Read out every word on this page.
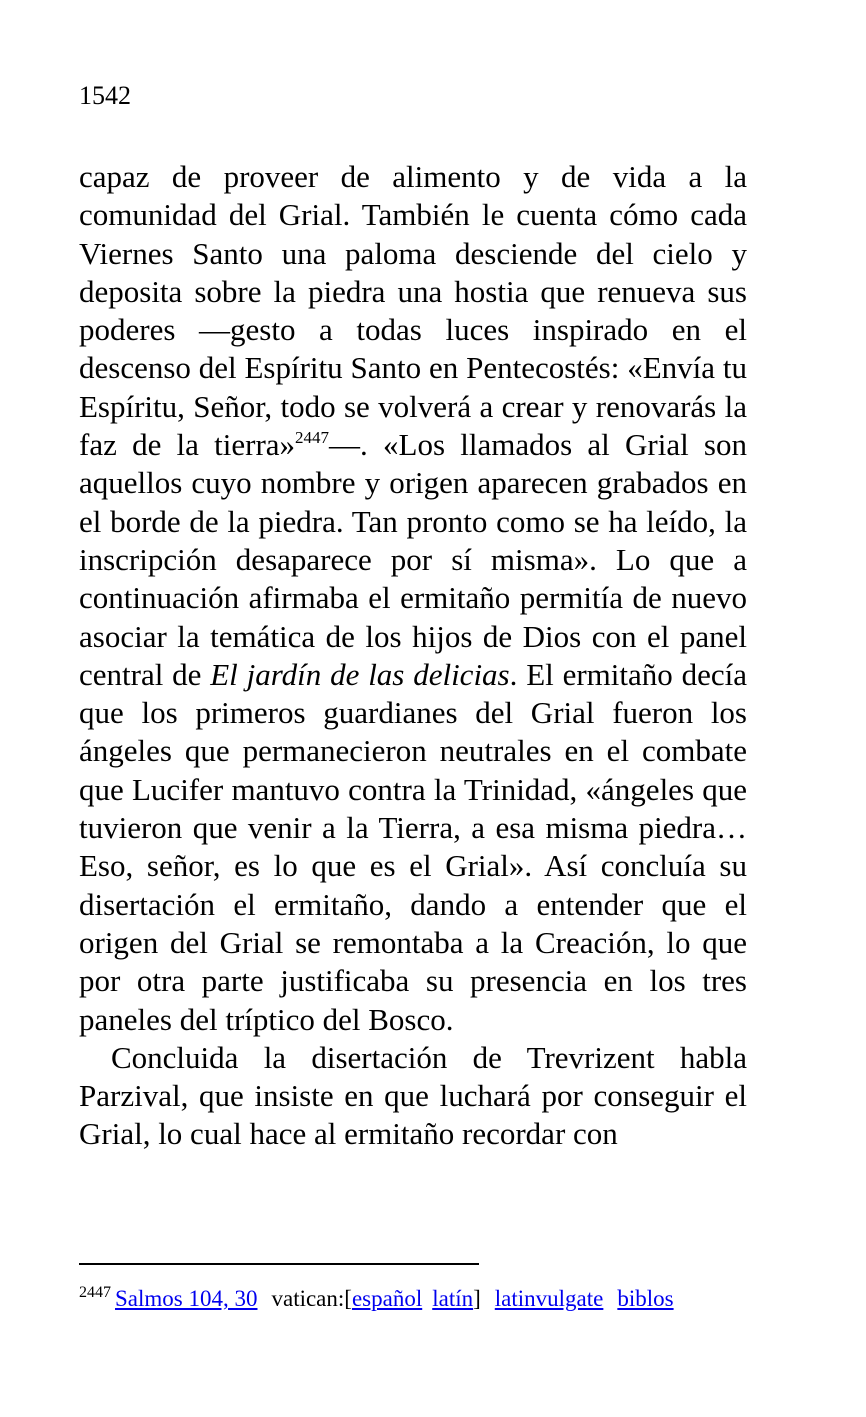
1542

capaz de proveer de alimento y de vida a la comunidad del Grial. También le cuenta cómo cada Viernes Santo una paloma desciende del cielo y deposita sobre la piedra una hostia que renueva sus poderes —gesto a todas luces inspirado en el descenso del Espíritu Santo en Pentecostés: «Envía tu Espíritu, Señor, todo se volverá a crear y renovarás la faz de la tierra»$^{2447}$—. «Los llamados al Grial son aquellos cuyo nombre y origen aparecen grabados en el borde de la piedra. Tan pronto como se ha leído, la inscripción desaparece por sí misma». Lo que a continuación afirmaba el ermitaño permitía de nuevo asociar la temática de los hijos de Dios con el panel central de El jardín de las delicias. El ermitaño decía que los primeros guardianes del Grial fueron los ángeles que permanecieron neutrales en el combate que Lucifer mantuvo contra la Trinidad, «ángeles que tuvieron que venir a la Tierra, a esa misma piedra… Eso, señor, es lo que es el Grial». Así concluía su disertación el ermitaño, dando a entender que el origen del Grial se remontaba a la Creación, lo que por otra parte justificaba su presencia en los tres paneles del tríptico del Bosco.

Concluida la disertación de Trevrizent habla Parzival, que insiste en que luchará por conseguir el Grial, lo cual hace al ermitaño recordar con

$^{2447}$ Salmos 104, 30 vatican:[español latín] latinvulgate biblos
